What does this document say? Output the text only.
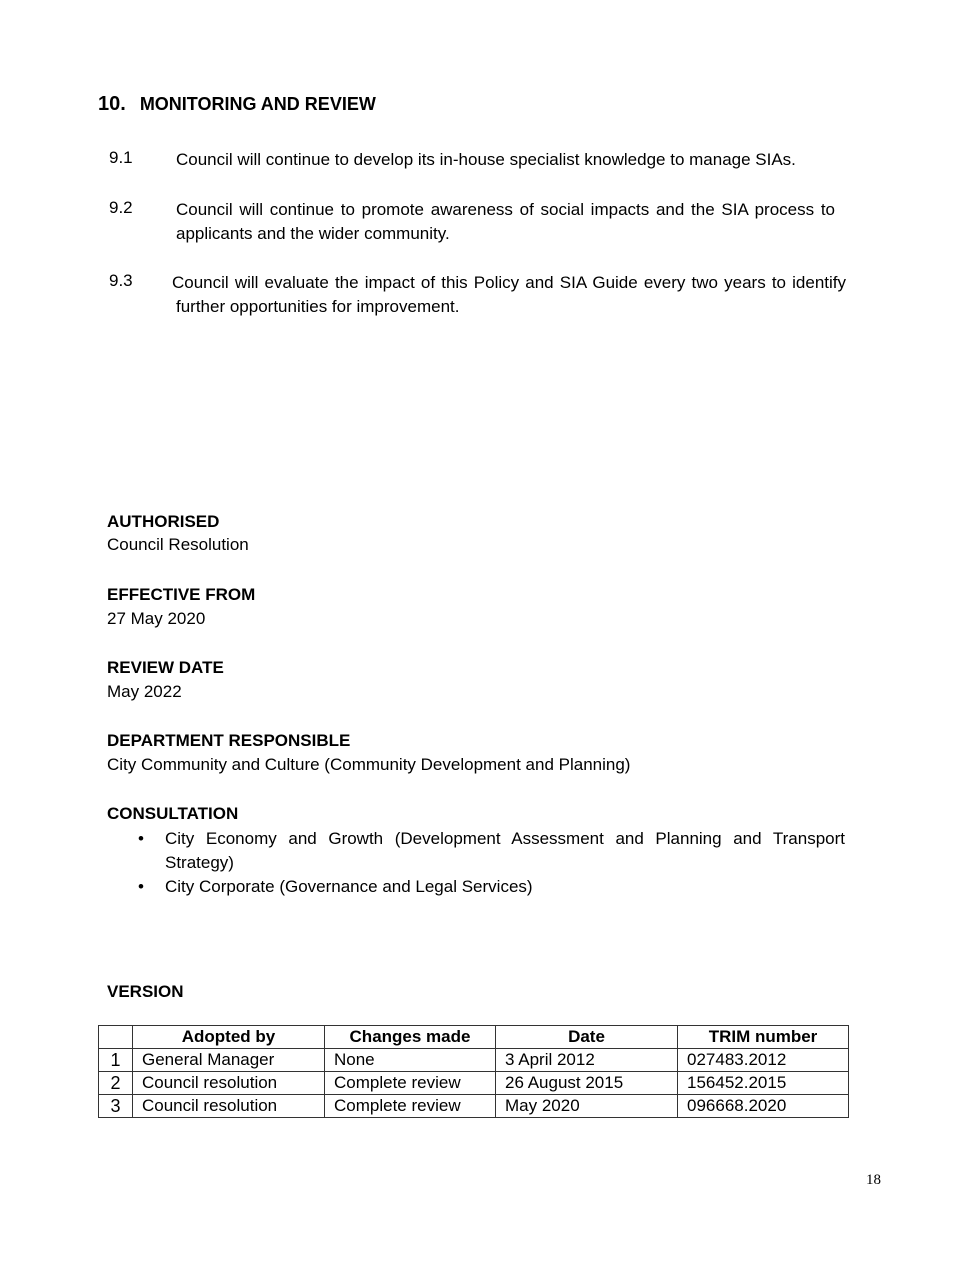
10. MONITORING AND REVIEW
9.1	Council will continue to develop its in-house specialist knowledge to manage SIAs.
9.2	Council will continue to promote awareness of social impacts and the SIA process to applicants and the wider community.
9.3 Council will evaluate the impact of this Policy and SIA Guide every two years to identify further opportunities for improvement.
AUTHORISED
Council Resolution
EFFECTIVE FROM
27 May 2020
REVIEW DATE
May 2022
DEPARTMENT RESPONSIBLE
City Community and Culture (Community Development and Planning)
CONSULTATION
• City Economy and Growth (Development Assessment and Planning and Transport Strategy)
• City Corporate (Governance and Legal Services)
VERSION
	Adopted by	Changes made	Date	TRIM number
1	General Manager	None	3 April 2012	027483.2012
2	Council resolution	Complete review	26 August 2015	156452.2015
3	Council resolution	Complete review	May 2020	096668.2020
18
